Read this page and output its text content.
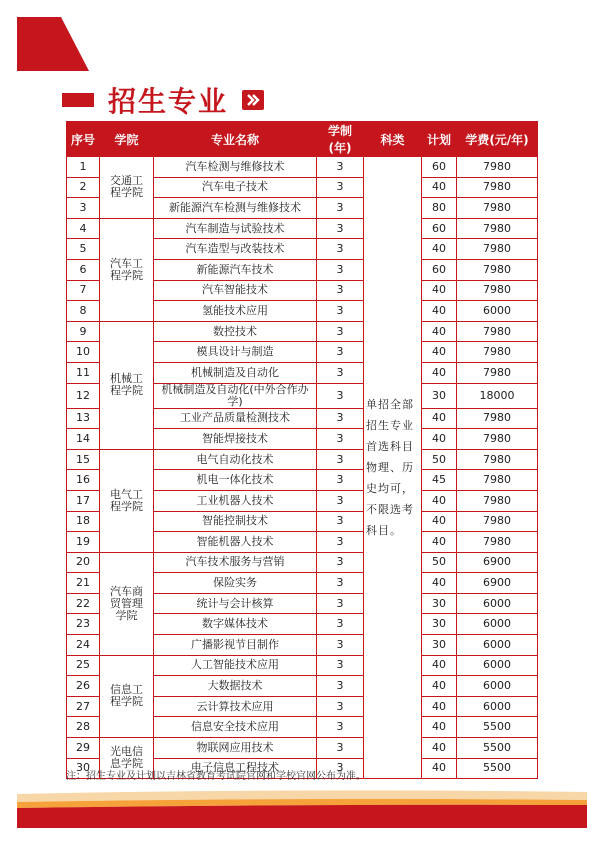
招生专业
序号	学院	专业名称	学制(年)	科类	计划	学费(元/年)
1	交通工程学院	汽车检测与维修技术	3	单招全部招生专业首选科目物理、历史均可，不限选考科目。	60	7980
2		汽车电子技术	3		40	7980
3		新能源汽车检测与维修技术	3		80	7980
4	汽车工程学院	汽车制造与试验技术	3		60	7980
5		汽车造型与改装技术	3		40	7980
6		新能源汽车技术	3		60	7980
7		汽车智能技术	3		40	7980
8		氢能技术应用	3		40	6000
9	机械工程学院	数控技术	3		40	7980
10		模具设计与制造	3		40	7980
11		机械制造及自动化	3		40	7980
12		机械制造及自动化(中外合作办学)	3		30	18000
13		工业产品质量检测技术	3		40	7980
14		智能焊接技术	3		40	7980
15	电气工程学院	电气自动化技术	3		50	7980
16		机电一体化技术	3		45	7980
17		工业机器人技术	3		40	7980
18		智能控制技术	3		40	7980
19		智能机器人技术	3		40	7980
20	汽车商贸管理学院	汽车技术服务与营销	3		50	6900
21		保险实务	3		40	6900
22		统计与会计核算	3		30	6000
23		数字媒体技术	3		30	6000
24		广播影视节目制作	3		30	6000
25	信息工程学院	人工智能技术应用	3		40	6000
26		大数据技术	3		40	6000
27		云计算技术应用	3		40	6000
28		信息安全技术应用	3		40	5500
29	光电信息学院	物联网应用技术	3		40	5500
30		电子信息工程技术	3		40	5500
注：招生专业及计划以吉林省教育考试院官网和学校官网公布为准。
